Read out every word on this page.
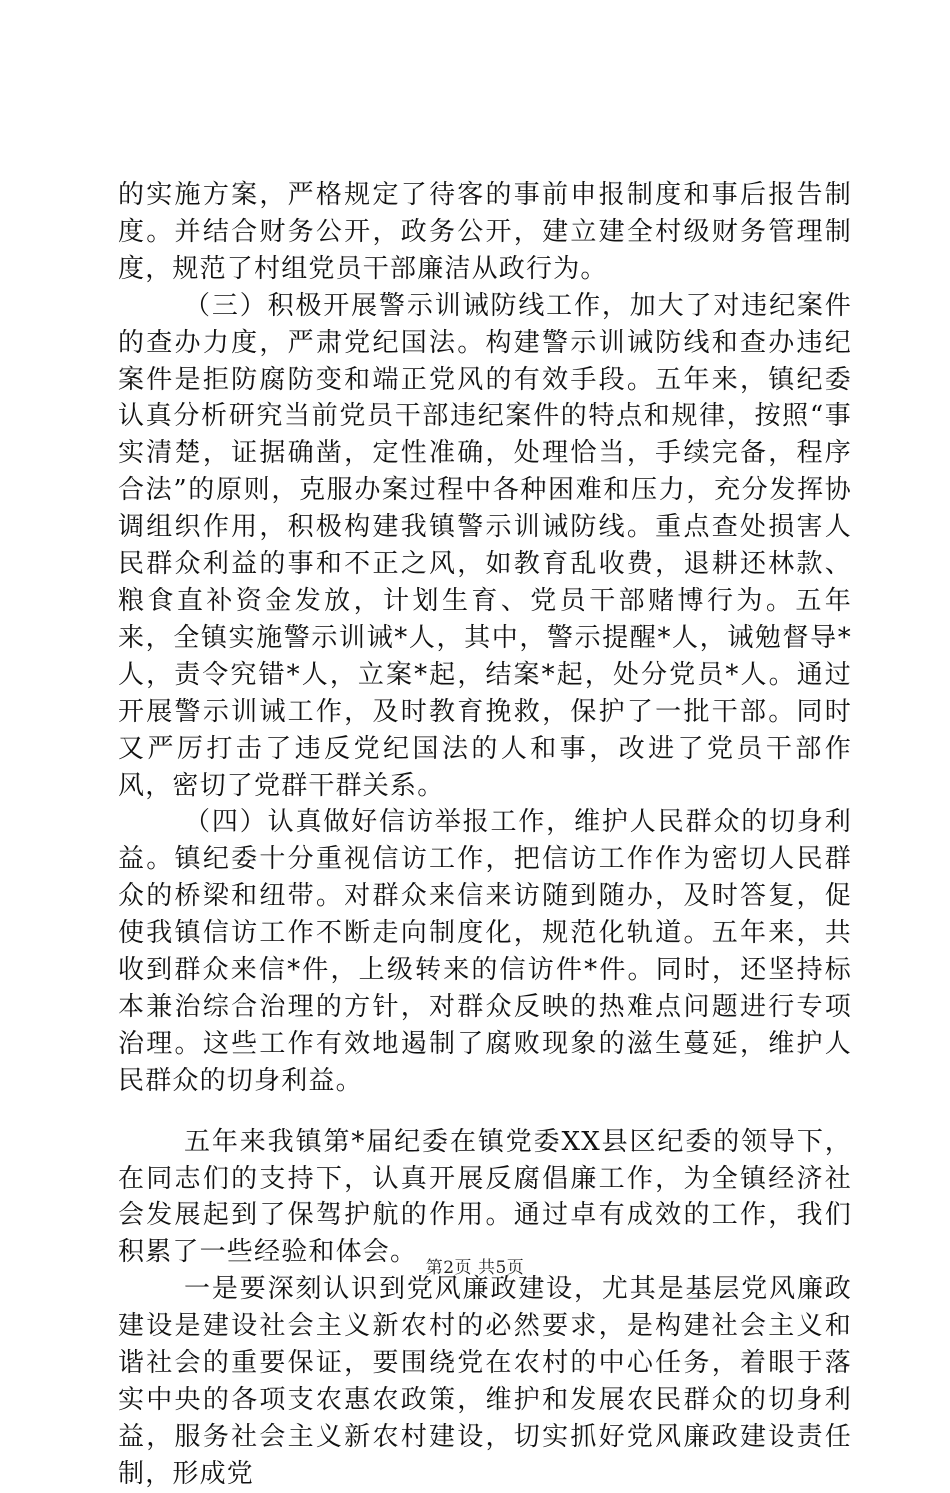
的实施方案，严格规定了待客的事前申报制度和事后报告制度。并结合财务公开，政务公开，建立建全村级财务管理制度，规范了村组党员干部廉洁从政行为。

（三）积极开展警示训诫防线工作，加大了对违纪案件的查办力度，严肃党纪国法。构建警示训诫防线和查办违纪案件是拒防腐防变和端正党风的有效手段。五年来，镇纪委认真分析研究当前党员干部违纪案件的特点和规律，按照“事实清楚，证据确凿，定性准确，处理恰当，手续完备，程序合法”的原则，克服办案过程中各种困难和压力，充分发挥协调组织作用，积极构建我镇警示训诫防线。重点查处损害人民群众利益的事和不正之风，如教育乱收费，退耕还林款、粮食直补资金发放，计划生育、党员干部赌博行为。五年来，全镇实施警示训诫*人，其中，警示提醒*人，诫勉督导*人，责令究错*人，立案*起，结案*起，处分党员*人。通过开展警示训诫工作，及时教育挽救，保护了一批干部。同时又严厉打击了违反党纪国法的人和事，改进了党员干部作风，密切了党群干群关系。

（四）认真做好信访举报工作，维护人民群众的切身利益。镇纪委十分重视信访工作，把信访工作作为密切人民群众的桥梁和纽带。对群众来信来访随到随办，及时答复，促使我镇信访工作不断走向制度化，规范化轨道。五年来，共收到群众来信*件，上级转来的信访件*件。同时，还坚持标本兼治综合治理的方针，对群众反映的热难点问题进行专项治理。这些工作有效地遏制了腐败现象的滋生蔓延，维护人民群众的切身利益。

五年来我镇第*届纪委在镇党委XX县区纪委的领导下，在同志们的支持下，认真开展反腐倡廉工作，为全镇经济社会发展起到了保驾护航的作用。通过卓有成效的工作，我们积累了一些经验和体会。

一是要深刻认识到党风廉政建设，尤其是基层党风廉政建设是建设社会主义新农村的必然要求，是构建社会主义和谐社会的重要保证，要围绕党在农村的中心任务，着眼于落实中央的各项支农惠农政策，维护和发展农民群众的切身利益，服务社会主义新农村建设，切实抓好党风廉政建设责任制，形成党

第2页 共5页
